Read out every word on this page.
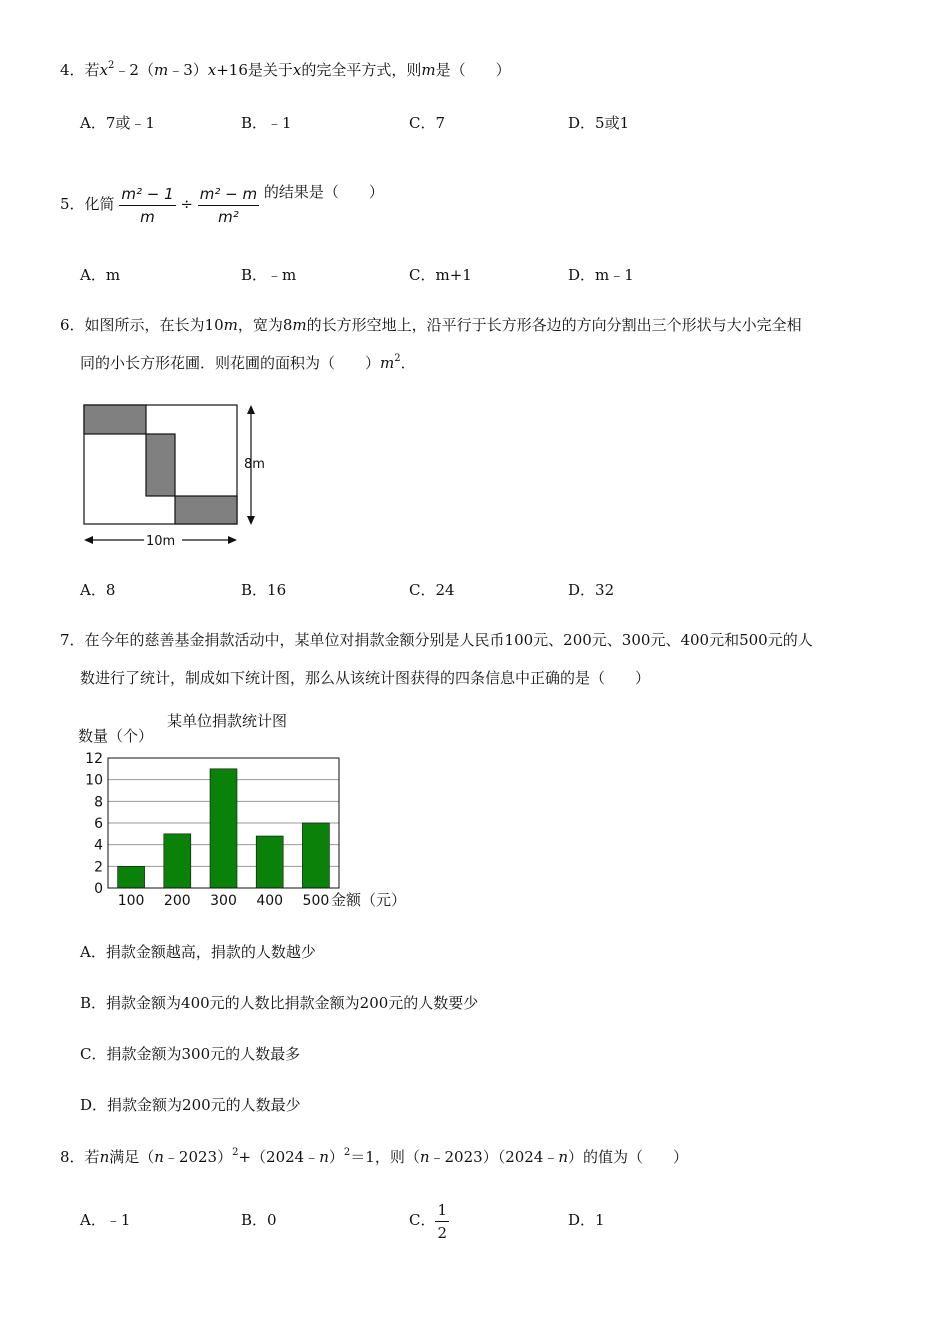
4．若$x^2﹣2(m﹣3)x+16$是关于x的完全平方式，则m是（　　）
A．7或﹣1	B．﹣1	C．7	D．5或1
5．化简 $\frac{\text{m² − 1}}{m} \div \frac{\text{m² − m}}{\text{m²}}$ 的结果是（　　）
A．m	B．﹣m	C．m+1	D．m﹣1
6．如图所示，在长为10m，宽为8m的长方形空地上，沿平行于长方形各边的方向分割出三个形状与大小完全相
同的小长方形花圃．则花圃的面积为（　　）$m^2$．
8m
10m
A．8	B．16	C．24	D．32
7．在今年的慈善基金捐款活动中，某单位对捐款金额分别是人民币100元、200元、300元、400元和500元的人
数进行了统计，制成如下统计图，那么从该统计图获得的四条信息中正确的是（　　）
某单位捐款统计图
数量（个）
金额（元）
0
2
4
6
8
10
12
100 200 300 400 500
A．捐款金额越高，捐款的人数越少
B．捐款金额为400元的人数比捐款金额为200元的人数要少
C．捐款金额为300元的人数最多
D．捐款金额为200元的人数最少
8．若n满足（n﹣2023）$^2$+（2024﹣n）$^2$＝1，则（n﹣2023）（2024﹣n）的值为（　　）
A．﹣1	B．0	C． $\frac{1}{2}$	D．1
